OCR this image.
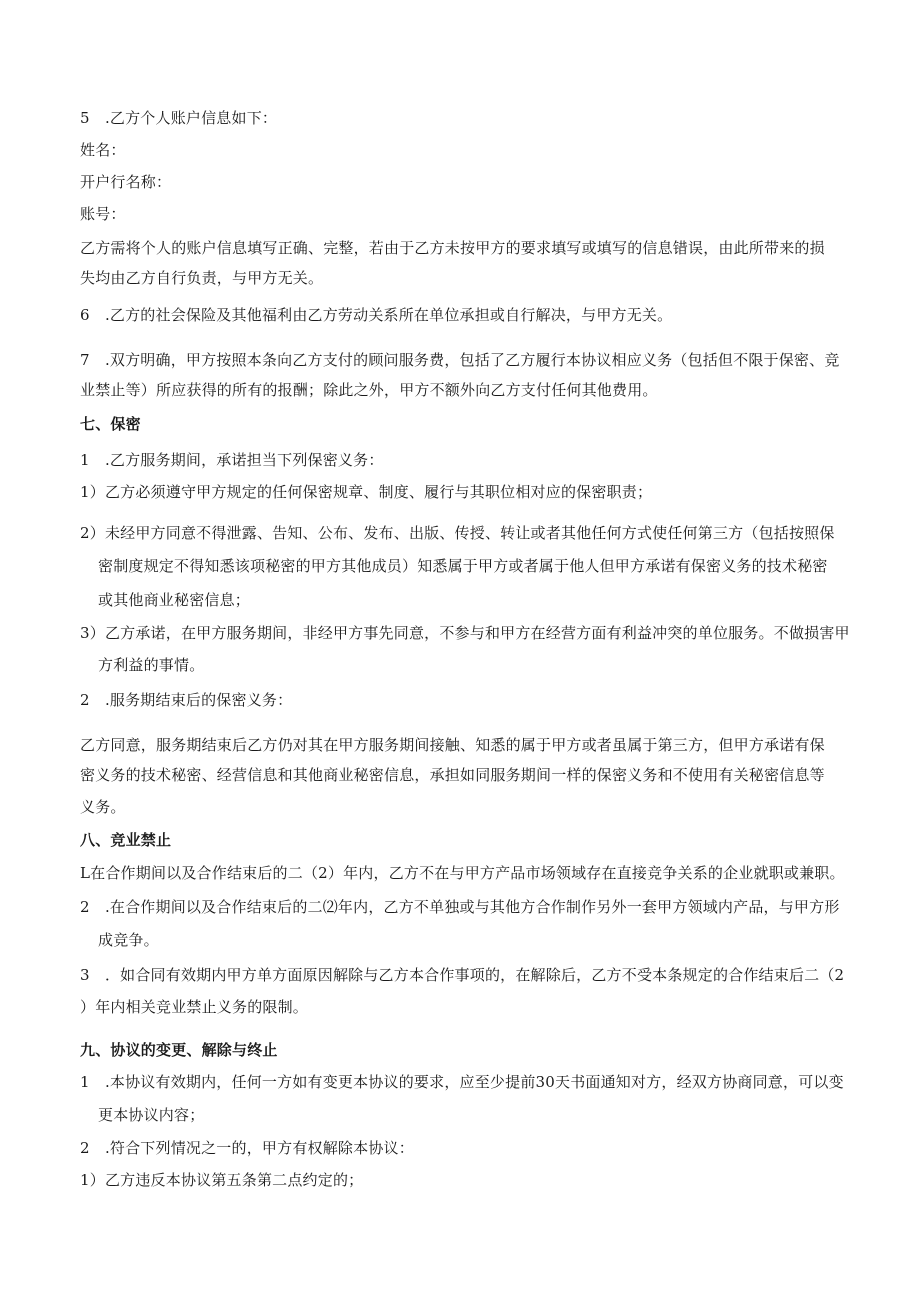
5　.乙方个人账户信息如下：
姓名：
开户行名称：
账号：
乙方需将个人的账户信息填写正确、完整，若由于乙方未按甲方的要求填写或填写的信息错误，由此所带来的损
失均由乙方自行负责，与甲方无关。
6　.乙方的社会保险及其他福利由乙方劳动关系所在单位承担或自行解决，与甲方无关。
7　.双方明确，甲方按照本条向乙方支付的顾问服务费，包括了乙方履行本协议相应义务（包括但不限于保密、竞
业禁止等）所应获得的所有的报酬；除此之外，甲方不额外向乙方支付任何其他费用。
七、保密
1　.乙方服务期间，承诺担当下列保密义务：
1）乙方必须遵守甲方规定的任何保密规章、制度、履行与其职位相对应的保密职责；
2）未经甲方同意不得泄露、告知、公布、发布、出版、传授、转让或者其他任何方式使任何第三方（包括按照保
密制度规定不得知悉该项秘密的甲方其他成员）知悉属于甲方或者属于他人但甲方承诺有保密义务的技术秘密
或其他商业秘密信息；
3）乙方承诺，在甲方服务期间，非经甲方事先同意，不参与和甲方在经营方面有利益冲突的单位服务。不做损害甲
方利益的事情。
2　.服务期结束后的保密义务：
乙方同意，服务期结束后乙方仍对其在甲方服务期间接触、知悉的属于甲方或者虽属于第三方，但甲方承诺有保
密义务的技术秘密、经营信息和其他商业秘密信息，承担如同服务期间一样的保密义务和不使用有关秘密信息等
义务。
八、竞业禁止
L在合作期间以及合作结束后的二（2）年内，乙方不在与甲方产品市场领域存在直接竞争关系的企业就职或兼职。
2　.在合作期间以及合作结束后的二⑵年内，乙方不单独或与其他方合作制作另外一套甲方领域内产品，与甲方形
成竞争。
3　．如合同有效期内甲方单方面原因解除与乙方本合作事项的，在解除后，乙方不受本条规定的合作结束后二（2
）年内相关竞业禁止义务的限制。
九、协议的变更、解除与终止
1　.本协议有效期内，任何一方如有变更本协议的要求，应至少提前30天书面通知对方，经双方协商同意，可以变
更本协议内容；
2　.符合下列情况之一的，甲方有权解除本协议：
1）乙方违反本协议第五条第二点约定的；
